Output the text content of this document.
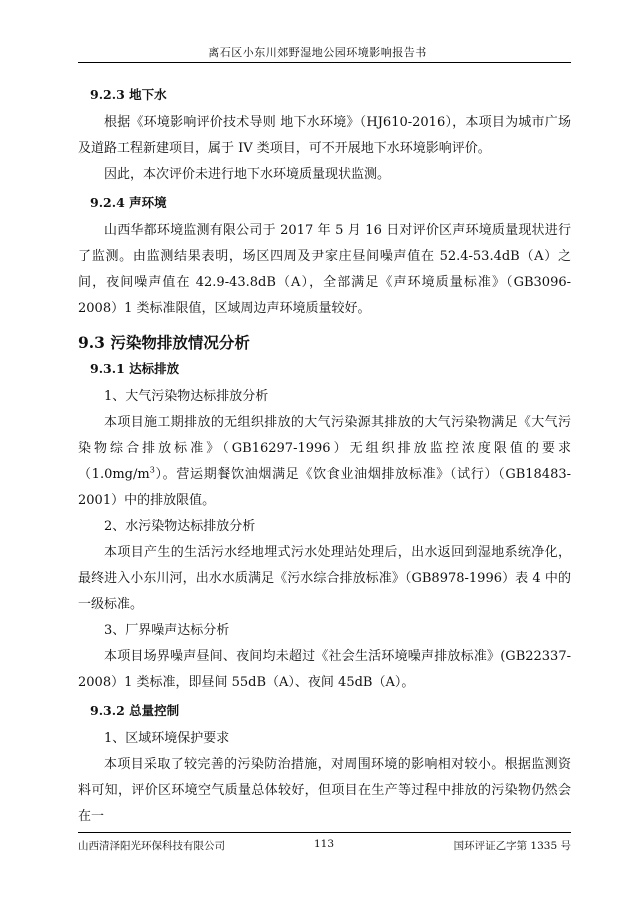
离石区小东川郊野湿地公园环境影响报告书

9.2.3 地下水

根据《环境影响评价技术导则 地下水环境》（HJ610-2016），本项目为城市广场及道路工程新建项目，属于 IV 类项目，可不开展地下水环境影响评价。

因此，本次评价未进行地下水环境质量现状监测。

9.2.4 声环境

山西华都环境监测有限公司于 2017 年 5 月 16 日对评价区声环境质量现状进行了监测。由监测结果表明，场区四周及尹家庄昼间噪声值在 52.4-53.4dB（A）之间，夜间噪声值在 42.9-43.8dB（A），全部满足《声环境质量标准》（GB3096-2008）1 类标准限值，区域周边声环境质量较好。

9.3 污染物排放情况分析

9.3.1 达标排放

1、大气污染物达标排放分析

本项目施工期排放的无组织排放的大气污染源其排放的大气污染物满足《大气污染物综合排放标准》（GB16297-1996）无组织排放监控浓度限值的要求$(1.0mg/m^3)$。营运期餐饮油烟满足《饮食业油烟排放标准》（试行）（GB18483-2001）中的排放限值。

2、水污染物达标排放分析

本项目产生的生活污水经地埋式污水处理站处理后，出水返回到湿地系统净化，最终进入小东川河，出水水质满足《污水综合排放标准》（GB8978-1996）表 4 中的一级标准。

3、厂界噪声达标分析

本项目场界噪声昼间、夜间均未超过《社会生活环境噪声排放标准》(GB22337-2008）1 类标准，即昼间 55dB（A）、夜间 45dB（A）。

9.3.2 总量控制

1、区域环境保护要求

本项目采取了较完善的污染防治措施，对周围环境的影响相对较小。根据监测资料可知，评价区环境空气质量总体较好，但项目在生产等过程中排放的污染物仍然会在一

山西清泽阳光环保科技有限公司	113	国环评证乙字第 1335 号
